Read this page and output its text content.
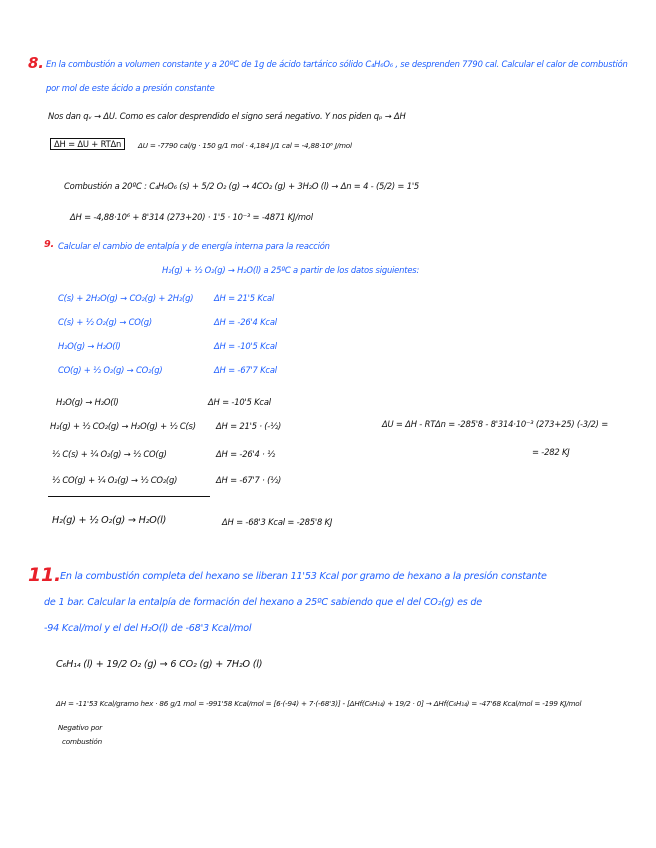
8. En la combustión a volumen constante y a 20ºC de 1g de ácido tartárico sólido C₄H₆O₆ , se desprenden 7790 cal. Calcular el calor de combustión
por mol de este ácido a presión constante
Nos dan qᵥ → ΔU. Como es calor desprendido el signo será negativo. Y nos piden qₚ → ΔH
ΔH = ΔU + RTΔn	ΔU = -7790 cal/g · 150 g/1 mol · 4,184 J/1 cal = -4,88·10⁶ J/mol
Combustión a 20ºC : C₄H₆O₆ (s) + 5/2 O₂ (g) → 4CO₂ (g) + 3H₂O (l) → Δn = 4 - (5/2) = 1'5
ΔH = -4,88·10⁶ + 8'314 (273+20) · 1'5 · 10⁻³ = -4871 KJ/mol
9. Calcular el cambio de entalpía y de energía interna para la reacción
H₂(g) + ½ O₂(g) → H₂O(l) a 25ºC a partir de los datos siguientes:
C(s) + 2H₂O(g) → CO₂(g) + 2H₂(g) ΔH = 21'5 Kcal
C(s) + ½ O₂(g) → CO(g)	ΔH = -26'4 Kcal
H₂O(g) → H₂O(l)	ΔH = -10'5 Kcal
CO(g) + ½ O₂(g) → CO₂(g)	ΔH = -67'7 Kcal
H₂O(g) → H₂O(l)	ΔH = -10'5 Kcal
H₂(g) + ½ CO₂(g) → H₂O(g) + ½ C(s) ΔH = 21'5 · (-½)
½ C(s) + ¼ O₂(g) → ½ CO(g)	ΔH = -26'4 · ½
½ CO(g) + ¼ O₂(g) → ½ CO₂(g)	ΔH = -67'7 · (½)
H₂(g) + ½ O₂(g) → H₂O(l)	ΔH = -68'3 Kcal = -285'8 KJ
ΔU = ΔH - RTΔn = -285'8 - 8'314·10⁻³ (273+25) (-3/2) =
= -282 KJ
11.
En la combustión completa del hexano se liberan 11'53 Kcal por gramo de hexano a la presión constante
de 1 bar. Calcular la entalpía de formación del hexano a 25ºC sabiendo que el del CO₂(g) es de
-94 Kcal/mol y el del H₂O(l) de -68'3 Kcal/mol
C₆H₁₄ (l) + 19/2 O₂ (g) → 6 CO₂ (g) + 7H₂O (l)
ΔH = -11'53 Kcal/gramo hex · 86 g/1 mol = -991'58 Kcal/mol = [6·(-94) + 7·(-68'3)] - [ΔHf(C₆H₁₄) + 19/2 · 0] → ΔHf(C₆H₁₄) = -47'68 Kcal/mol = -199 KJ/mol
Negativo por
combustión
